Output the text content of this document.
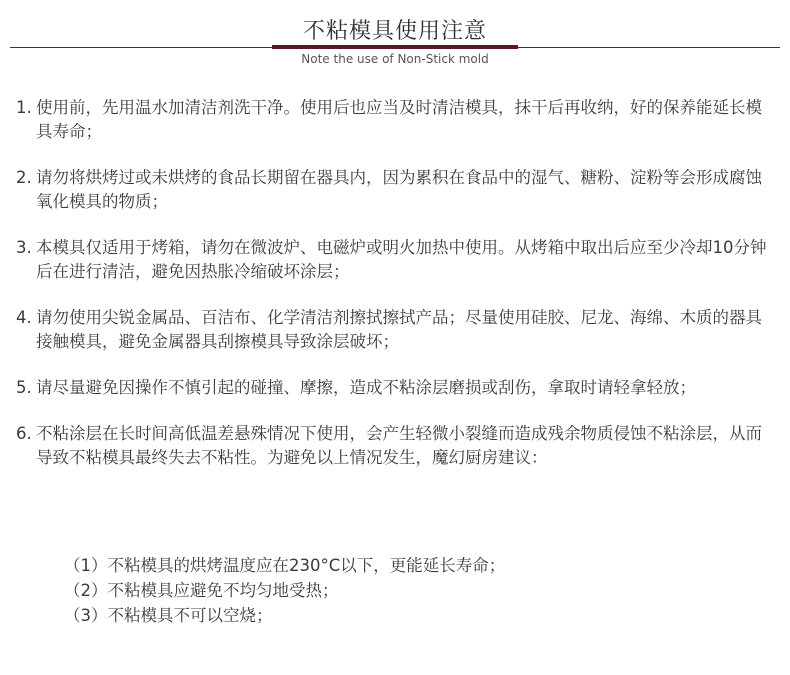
不粘模具使用注意
Note the use of Non-Stick mold
1. 使用前，先用温水加清洁剂洗干净。使用后也应当及时清洁模具，抹干后再收纳，好的保养能延长模具寿命；
2. 请勿将烘烤过或未烘烤的食品长期留在器具内，因为累积在食品中的湿气、糖粉、淀粉等会形成腐蚀氧化模具的物质；
3. 本模具仅适用于烤箱，请勿在微波炉、电磁炉或明火加热中使用。从烤箱中取出后应至少冷却10分钟后在进行清洁，避免因热胀冷缩破坏涂层；
4. 请勿使用尖锐金属品、百洁布、化学清洁剂擦拭擦拭产品；尽量使用硅胶、尼龙、海绵、木质的器具接触模具，避免金属器具刮擦模具导致涂层破坏；
5. 请尽量避免因操作不慎引起的碰撞、摩擦，造成不粘涂层磨损或刮伤，拿取时请轻拿轻放；
6. 不粘涂层在长时间高低温差悬殊情况下使用，会产生轻微小裂缝而造成残余物质侵蚀不粘涂层，从而导致不粘模具最终失去不粘性。为避免以上情况发生，魔幻厨房建议：
（1）不粘模具的烘烤温度应在230°C以下，更能延长寿命；
（2）不粘模具应避免不均匀地受热；
（3）不粘模具不可以空烧；
